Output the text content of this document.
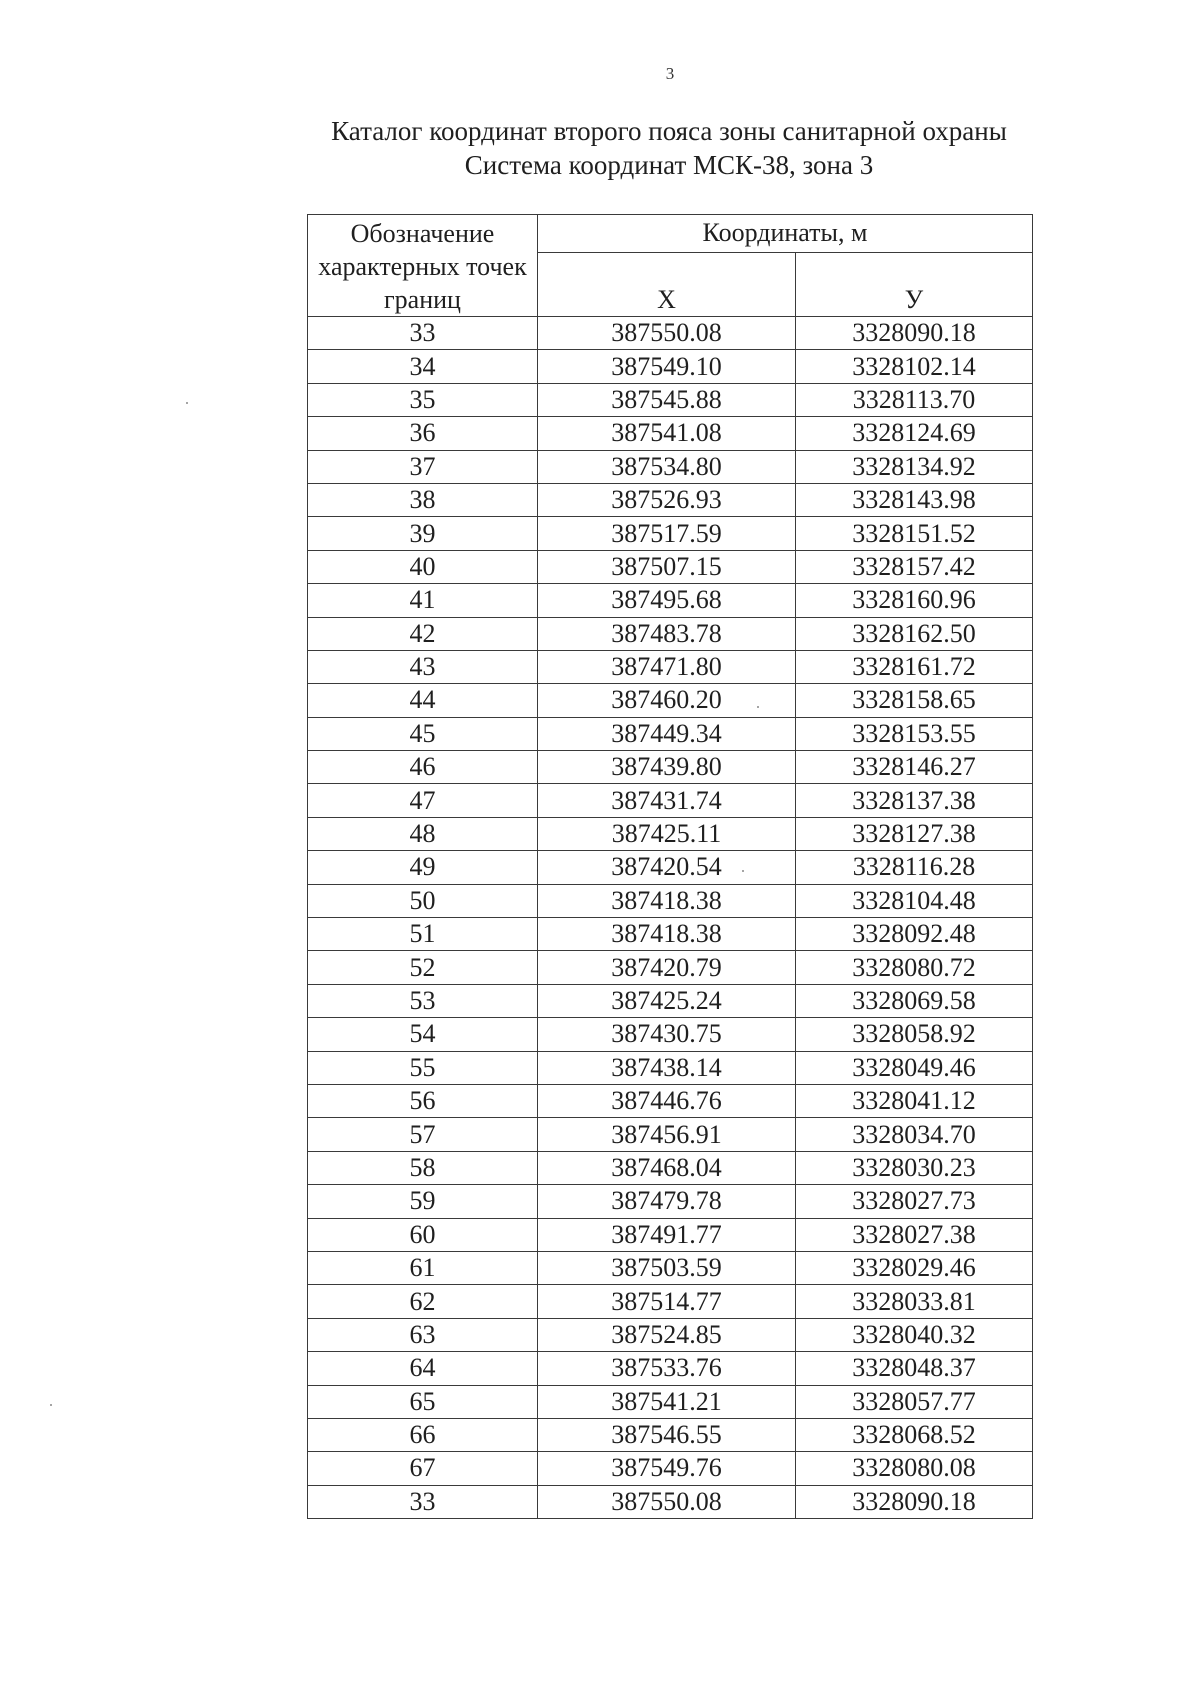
3
Каталог координат второго пояса зоны санитарной охраны
Система координат МСК-38, зона 3
Обозначение характерных точек границ	Координаты, м	
	X	У
33	387550.08	3328090.18
34	387549.10	3328102.14
35	387545.88	3328113.70
36	387541.08	3328124.69
37	387534.80	3328134.92
38	387526.93	3328143.98
39	387517.59	3328151.52
40	387507.15	3328157.42
41	387495.68	3328160.96
42	387483.78	3328162.50
43	387471.80	3328161.72
44	387460.20	3328158.65
45	387449.34	3328153.55
46	387439.80	3328146.27
47	387431.74	3328137.38
48	387425.11	3328127.38
49	387420.54	3328116.28
50	387418.38	3328104.48
51	387418.38	3328092.48
52	387420.79	3328080.72
53	387425.24	3328069.58
54	387430.75	3328058.92
55	387438.14	3328049.46
56	387446.76	3328041.12
57	387456.91	3328034.70
58	387468.04	3328030.23
59	387479.78	3328027.73
60	387491.77	3328027.38
61	387503.59	3328029.46
62	387514.77	3328033.81
63	387524.85	3328040.32
64	387533.76	3328048.37
65	387541.21	3328057.77
66	387546.55	3328068.52
67	387549.76	3328080.08
33	387550.08	3328090.18
